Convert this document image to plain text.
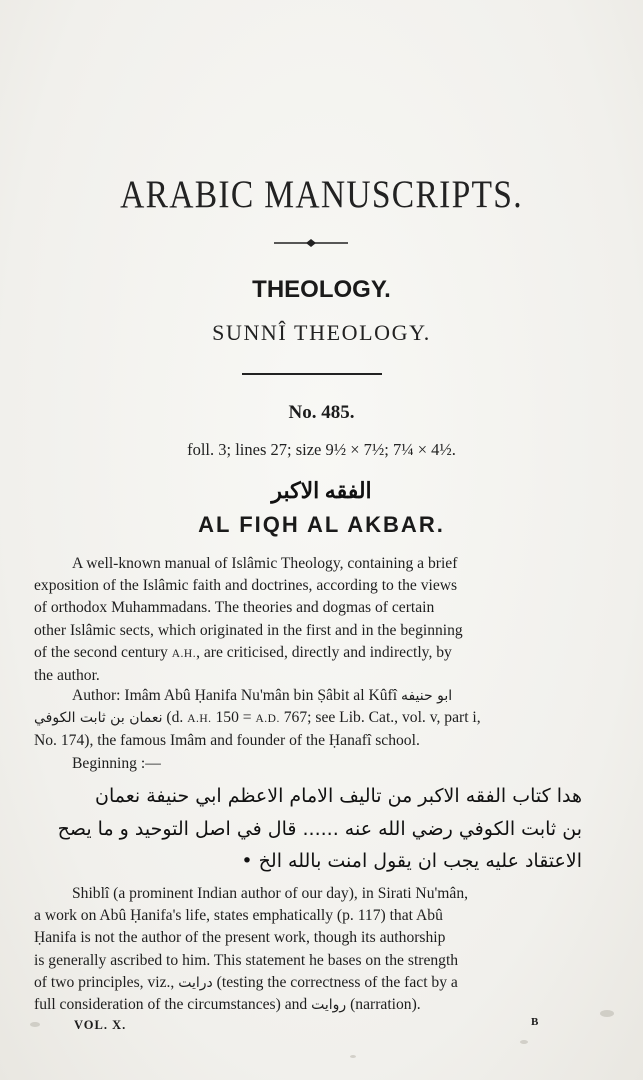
ARABIC MANUSCRIPTS.
THEOLOGY.
SUNNÎ THEOLOGY.
No. 485.
foll. 3; lines 27; size 9½ × 7½; 7¼ × 4½.
الفقه الاكبر
AL FIQH AL AKBAR.
A well-known manual of Islâmic Theology, containing a brief
exposition of the Islâmic faith and doctrines, according to the views
of orthodox Muhammadans. The theories and dogmas of certain
other Islâmic sects, which originated in the first and in the beginning
of the second century A.H., are criticised, directly and indirectly, by
the author.
Author: Imâm Abû Ḥanifa Nu'mân bin Ṣâbit al Kûfî ابو حنيفه
نعمان بن ثابت الكوفي (d. A.H. 150 = A.D. 767; see Lib. Cat., vol. v, part i,
No. 174), the famous Imâm and founder of the Ḥanafî school.
Beginning :—
هدا كتاب الفقه الاكبر من تاليف الامام الاعظم ابي حنيفة نعمان
بن ثابت الكوفي رضي الله عنه ...... قال في اصل التوحيد و ما يصح
الاعتقاد عليه يجب ان يقول امنت بالله الخ •
Shiblî (a prominent Indian author of our day), in Sirati Nu'mân,
a work on Abû Ḥanifa's life, states emphatically (p. 117) that Abû
Ḥanifa is not the author of the present work, though its authorship
is generally ascribed to him. This statement he bases on the strength
of two principles, viz., درايت (testing the correctness of the fact by a
full consideration of the circumstances) and روايت (narration).
VOL. X.	B
